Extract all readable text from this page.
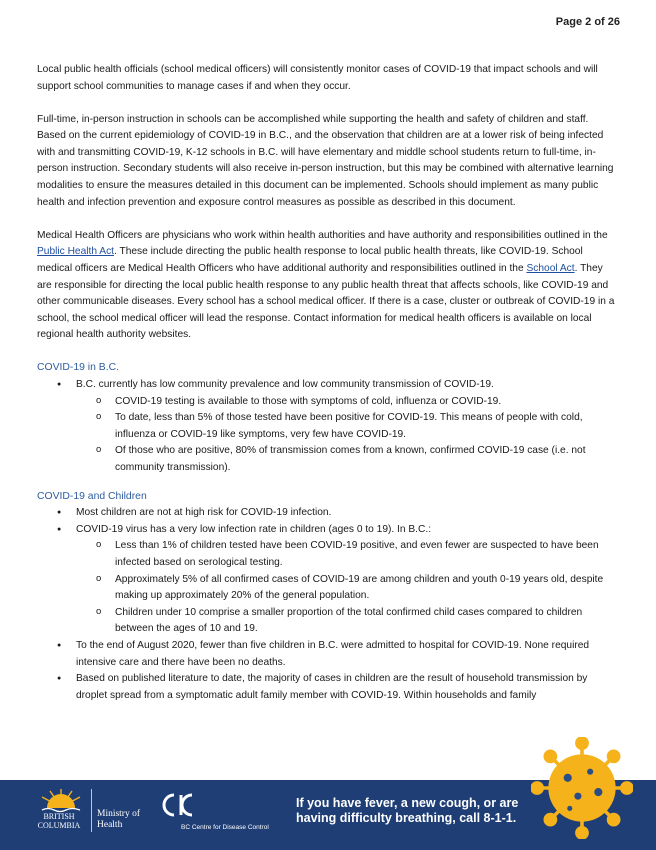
Page 2 of 26

Local public health officials (school medical officers) will consistently monitor cases of COVID-19 that impact schools and will support school communities to manage cases if and when they occur.

Full-time, in-person instruction in schools can be accomplished while supporting the health and safety of children and staff. Based on the current epidemiology of COVID-19 in B.C., and the observation that children are at a lower risk of being infected with and transmitting COVID-19, K-12 schools in B.C. will have elementary and middle school students return to full-time, in-person instruction. Secondary students will also receive in-person instruction, but this may be combined with alternative learning modalities to ensure the measures detailed in this document can be implemented. Schools should implement as many public health and infection prevention and exposure control measures as possible as described in this document.

Medical Health Officers are physicians who work within health authorities and have authority and responsibilities outlined in the Public Health Act. These include directing the public health response to local public health threats, like COVID-19. School medical officers are Medical Health Officers who have additional authority and responsibilities outlined in the School Act. They are responsible for directing the local public health response to any public health threat that affects schools, like COVID-19 and other communicable diseases. Every school has a school medical officer. If there is a case, cluster or outbreak of COVID-19 in a school, the school medical officer will lead the response. Contact information for medical health officers is available on local regional health authority websites.

COVID-19 in B.C.
● B.C. currently has low community prevalence and low community transmission of COVID-19.
o COVID-19 testing is available to those with symptoms of cold, influenza or COVID-19.
o To date, less than 5% of those tested have been positive for COVID-19. This means of people with cold, influenza or COVID-19 like symptoms, very few have COVID-19.
o Of those who are positive, 80% of transmission comes from a known, confirmed COVID-19 case (i.e. not community transmission).
COVID-19 and Children
● Most children are not at high risk for COVID-19 infection.
● COVID-19 virus has a very low infection rate in children (ages 0 to 19). In B.C.:
o Less than 1% of children tested have been COVID-19 positive, and even fewer are suspected to have been infected based on serological testing.
o Approximately 5% of all confirmed cases of COVID-19 are among children and youth 0-19 years old, despite making up approximately 20% of the general population.
o Children under 10 comprise a smaller proportion of the total confirmed child cases compared to children between the ages of 10 and 19.
● To the end of August 2020, fewer than five children in B.C. were admitted to hospital for COVID-19. None required intensive care and there have been no deaths.
● Based on published literature to date, the majority of cases in children are the result of household transmission by droplet spread from a symptomatic adult family member with COVID-19. Within households and family
BRITISH
COLUMBIA
Ministry of
Health	BC Centre for Disease Control
If you have fever, a new cough, or are having difficulty breathing, call 8-1-1.
